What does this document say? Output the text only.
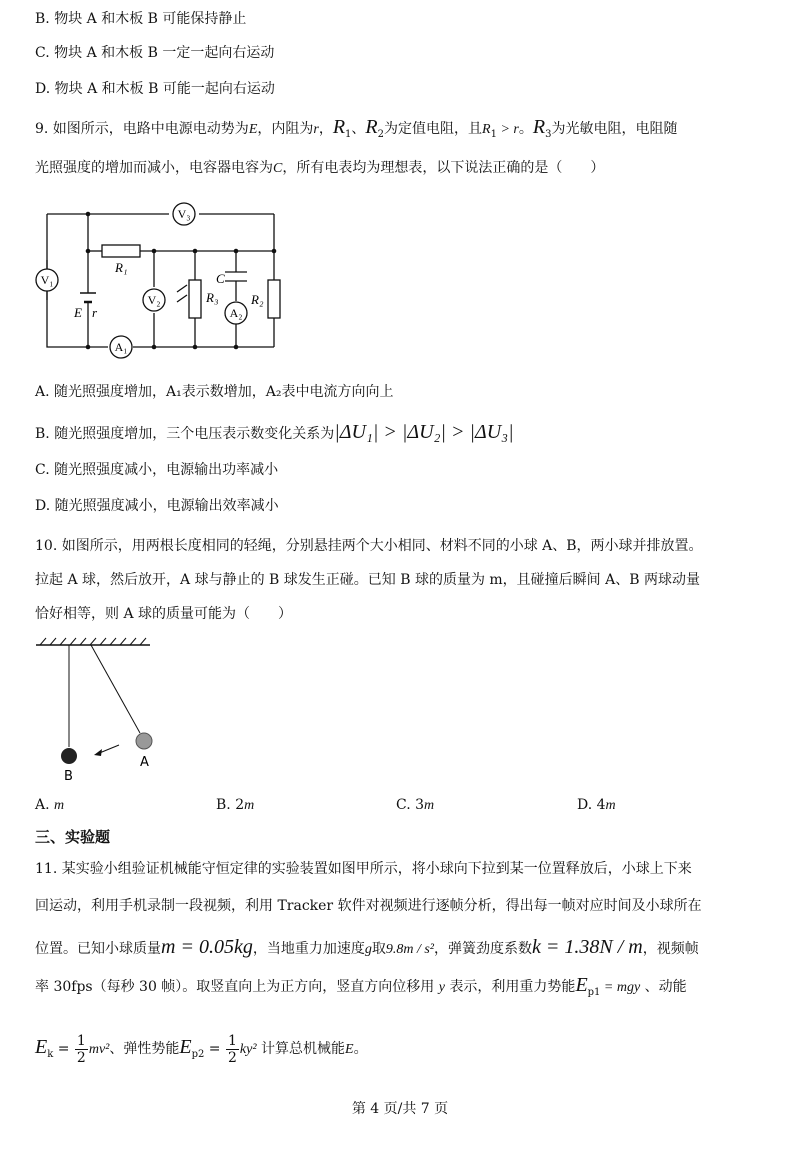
B. 物块 A 和木板 B 可能保持静止
C. 物块 A 和木板 B 一定一起向右运动
D. 物块 A 和木板 B 可能一起向右运动
9. 如图所示，电路中电源电动势为E，内阻为r，$R_1$、$R_2$为定值电阻，且$R_1 > r$。$R_3$为光敏电阻，电阻随
光照强度的增加而减小，电容器电容为C，所有电表均为理想表，以下说法正确的是（　　）
V₁
V₃
V₂
A₁
A₂
R₁
R₃	R₂
C
E r
A. 随光照强度增加，A₁表示数增加，A₂表中电流方向向上
B. 随光照强度增加，三个电压表示数变化关系为|ΔU₁| > |ΔU₂| > |ΔU₃|
C. 随光照强度减小，电源输出功率减小
D. 随光照强度减小，电源输出效率减小
10. 如图所示，用两根长度相同的轻绳，分别悬挂两个大小相同、材料不同的小球 A、B，两小球并排放置。
拉起 A 球，然后放开，A 球与静止的 B 球发生正碰。已知 B 球的质量为 m，且碰撞后瞬间 A、B 两球动量
恰好相等，则 A 球的质量可能为（　　）
B
A
A. m	B. 2m	C. 3m	D. 4m
三、实验题
11. 某实验小组验证机械能守恒定律的实验装置如图甲所示，将小球向下拉到某一位置释放后，小球上下来
回运动，利用手机录制一段视频，利用 Tracker 软件对视频进行逐帧分析，得出每一帧对应时间及小球所在
位置。已知小球质量m = 0.05kg，当地重力加速度g取9.8m / s²，弹簧劲度系数k = 1.38N / m，视频帧
率 30fps（每秒 30 帧）。取竖直向上为正方向，竖直方向位移用 y 表示，利用重力势能$E_{p1}$ = mgy 、动能
$E_k = \frac{1}{2} mv^2$、弹性势能$E_{p2} = \frac{1}{2} ky^2$ 计算总机械能E。
第 4 页/共 7 页
